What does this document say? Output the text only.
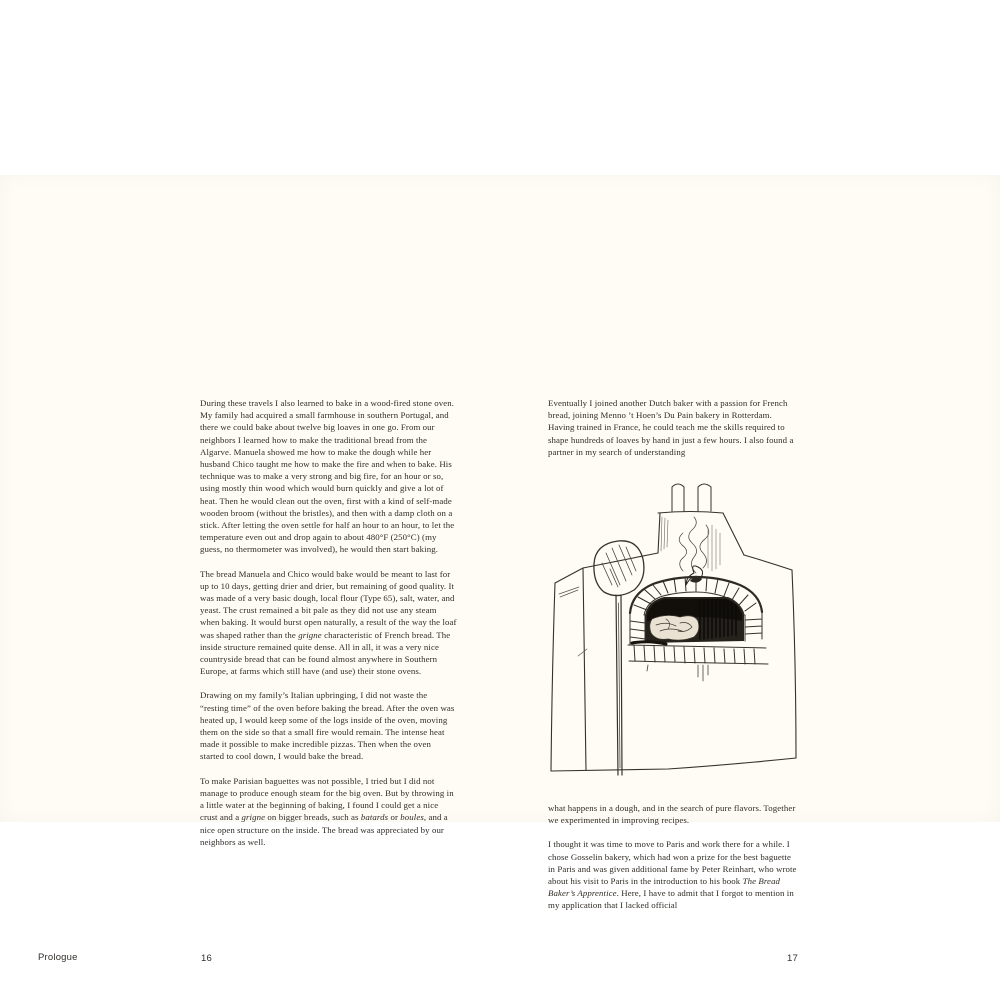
During these travels I also learned to bake in a wood-fired stone oven. My family had acquired a small farmhouse in southern Portugal, and there we could bake about twelve big loaves in one go. From our neighbors I learned how to make the traditional bread from the Algarve. Manuela showed me how to make the dough while her husband Chico taught me how to make the fire and when to bake. His technique was to make a very strong and big fire, for an hour or so, using mostly thin wood which would burn quickly and give a lot of heat. Then he would clean out the oven, first with a kind of self-made wooden broom (without the bristles), and then with a damp cloth on a stick. After letting the oven settle for half an hour to an hour, to let the temperature even out and drop again to about 480°F (250°C) (my guess, no thermometer was involved), he would then start baking.

The bread Manuela and Chico would bake would be meant to last for up to 10 days, getting drier and drier, but remaining of good quality. It was made of a very basic dough, local flour (Type 65), salt, water, and yeast. The crust remained a bit pale as they did not use any steam when baking. It would burst open naturally, a result of the way the loaf was shaped rather than the grigne characteristic of French bread. The inside structure remained quite dense. All in all, it was a very nice countryside bread that can be found almost anywhere in Southern Europe, at farms which still have (and use) their stone ovens.

Drawing on my family’s Italian upbringing, I did not waste the “resting time” of the oven before baking the bread. After the oven was heated up, I would keep some of the logs inside of the oven, moving them on the side so that a small fire would remain. The intense heat made it possible to make incredible pizzas. Then when the oven started to cool down, I would bake the bread.

To make Parisian baguettes was not possible, I tried but I did not manage to produce enough steam for the big oven. But by throwing in a little water at the beginning of baking, I found I could get a nice crust and a grigne on bigger breads, such as batards or boules, and a nice open structure on the inside. The bread was appreciated by our neighbors as well.

Eventually I joined another Dutch baker with a passion for French bread, joining Menno ’t Hoen’s Du Pain bakery in Rotterdam. Having trained in France, he could teach me the skills required to shape hundreds of loaves by hand in just a few hours. I also found a partner in my search of understanding

what happens in a dough, and in the search of pure flavors. Together we experimented in improving recipes.

I thought it was time to move to Paris and work there for a while. I chose Gosselin bakery, which had won a prize for the best baguette in Paris and was given additional fame by Peter Reinhart, who wrote about his visit to Paris in the introduction to his book The Bread Baker’s Apprentice. Here, I have to admit that I forgot to mention in my application that I lacked official

Prologue	16	17
